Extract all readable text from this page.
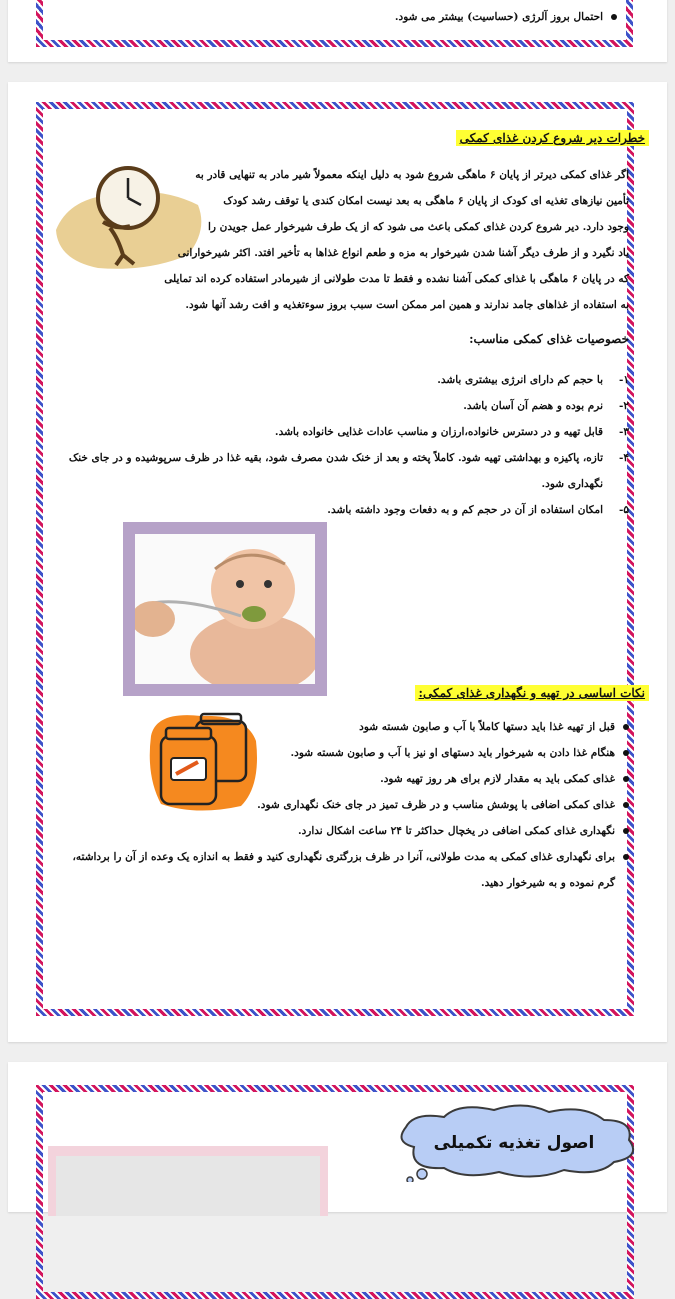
احتمال بروز آلرژی (حساسیت) بیشتر می شود.
خطرات دیر شروع کردن غذای کمکی
اگر غذای کمکی دیرتر از پایان ۶ ماهگی شروع شود به دلیل اینکه معمولاً شیر مادر به تنهایی قادر به
تأمین نیازهای تغذیه ای کودک از پایان ۶ ماهگی به بعد نیست امکان کندی یا توقف رشد کودک
وجود دارد. دیر شروع کردن غذای کمکی باعث می شود که از یک طرف شیرخوار عمل جویدن را
یاد نگیرد و از طرف دیگر آشنا شدن شیرخوار به مزه و طعم انواع غذاها به تأخیر افتد. اکثر شیرخوارانی
که در پایان ۶ ماهگی با غذای کمکی آشنا نشده و فقط تا مدت طولانی از شیرمادر استفاده کرده اند تمایلی
به استفاده از غذاهای جامد ندارند و همین امر ممکن است سبب بروز سوءتغذیه و افت رشد آنها شود.
خصوصیات غذای کمکی مناسب:
۱-
با حجم کم دارای انرژی بیشتری باشد.
۲-
نرم بوده و هضم آن آسان باشد.
۳-
قابل تهیه و در دسترس خانواده،ارزان و مناسب عادات غذایی خانواده باشد.
۴-
تازه، پاکیزه و بهداشتی تهیه شود. کاملاً پخته و بعد از خنک شدن مصرف شود، بقیه غذا در ظرف سرپوشیده و در جای خنک نگهداری شود.
۵-
امکان استفاده از آن در حجم کم و به دفعات وجود داشته باشد.
نکات اساسی در تهیه و نگهداری غذای کمکی:
قبل از تهیه غذا باید دستها کاملاً با آب و صابون شسته شود
هنگام غذا دادن به شیرخوار باید دستهای او نیز با آب و صابون شسته شود.
غذای کمکی باید به مقدار لازم برای هر روز تهیه شود.
غذای کمکی اضافی با پوشش مناسب و در ظرف تمیز در جای خنک نگهداری شود.
نگهداری غذای کمکی اضافی در یخچال حداکثر تا ۲۴ ساعت اشکال ندارد.
برای نگهداری غذای کمکی به مدت طولانی، آنرا در ظرف بزرگتری نگهداری کنید و فقط به اندازه یک وعده از آن را برداشته، گرم نموده و به شیرخوار دهید.
اصول تغذیه تکمیلی
